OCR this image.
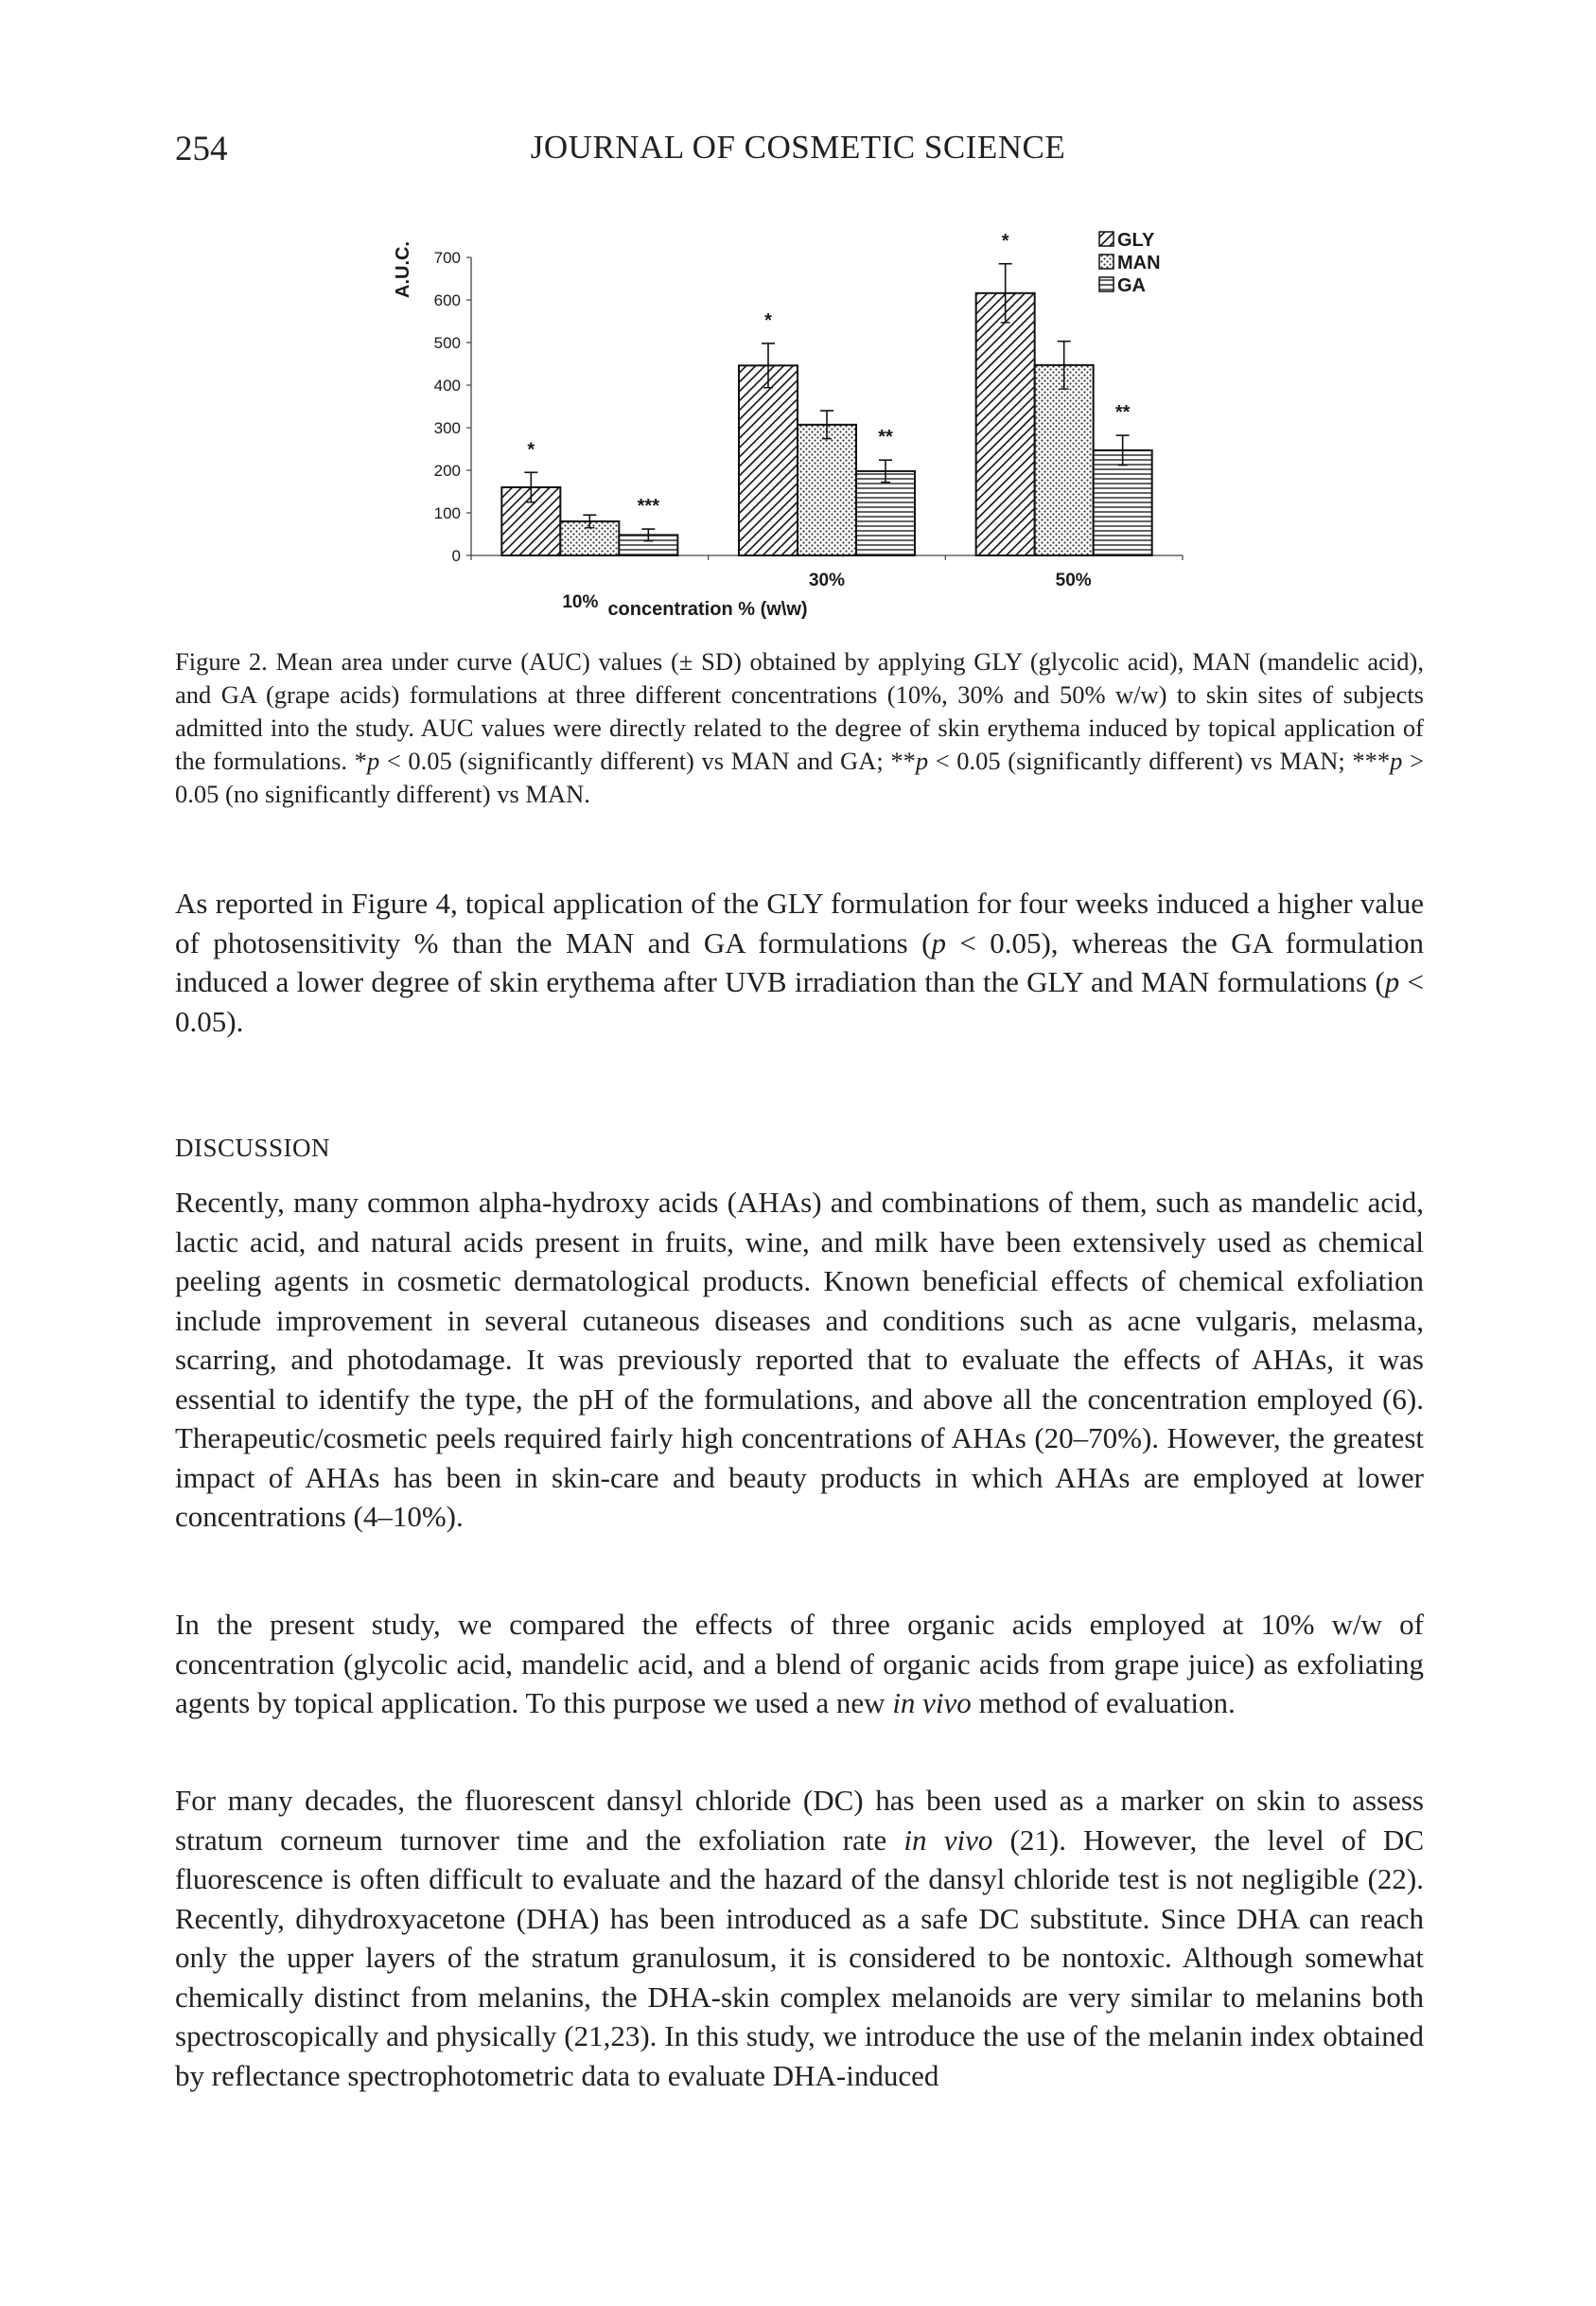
254	JOURNAL OF COSMETIC SCIENCE
0
100
200
300
400
500
600
700
10%
30%	50%
*
***
*
**
*
**
GLY
MAN
GA
A.U.C.
concentration % (w\w)
Figure 2. Mean area under curve (AUC) values (± SD) obtained by applying GLY (glycolic acid), MAN (mandelic acid), and GA (grape acids) formulations at three different concentrations (10%, 30% and 50% w/w) to skin sites of subjects admitted into the study. AUC values were directly related to the degree of skin erythema induced by topical application of the formulations. *p < 0.05 (significantly different) vs MAN and GA; **p < 0.05 (significantly different) vs MAN; ***p > 0.05 (no significantly different) vs MAN.

As reported in Figure 4, topical application of the GLY formulation for four weeks induced a higher value of photosensitivity % than the MAN and GA formulations (p < 0.05), whereas the GA formulation induced a lower degree of skin erythema after UVB irradiation than the GLY and MAN formulations (p < 0.05).

DISCUSSION

Recently, many common alpha-hydroxy acids (AHAs) and combinations of them, such as mandelic acid, lactic acid, and natural acids present in fruits, wine, and milk have been extensively used as chemical peeling agents in cosmetic dermatological products. Known beneficial effects of chemical exfoliation include improvement in several cutaneous diseases and conditions such as acne vulgaris, melasma, scarring, and photodamage. It was previously reported that to evaluate the effects of AHAs, it was essential to identify the type, the pH of the formulations, and above all the concentration employed (6). Therapeutic/cosmetic peels required fairly high concentrations of AHAs (20–70%). However, the greatest impact of AHAs has been in skin-care and beauty products in which AHAs are employed at lower concentrations (4–10%).

In the present study, we compared the effects of three organic acids employed at 10% w/w of concentration (glycolic acid, mandelic acid, and a blend of organic acids from grape juice) as exfoliating agents by topical application. To this purpose we used a new in vivo method of evaluation.

For many decades, the fluorescent dansyl chloride (DC) has been used as a marker on skin to assess stratum corneum turnover time and the exfoliation rate in vivo (21). However, the level of DC fluorescence is often difficult to evaluate and the hazard of the dansyl chloride test is not negligible (22). Recently, dihydroxyacetone (DHA) has been introduced as a safe DC substitute. Since DHA can reach only the upper layers of the stratum granulosum, it is considered to be nontoxic. Although somewhat chemically distinct from melanins, the DHA-skin complex melanoids are very similar to melanins both spectroscopically and physically (21,23). In this study, we introduce the use of the melanin index obtained by reflectance spectrophotometric data to evaluate DHA-induced
